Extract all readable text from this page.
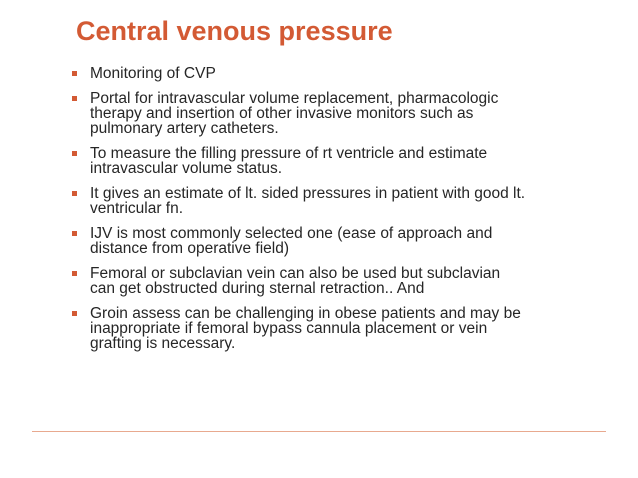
Central venous pressure
Monitoring of CVP
Portal for intravascular volume replacement, pharmacologic
therapy and insertion of other invasive monitors such as
pulmonary artery catheters.
To measure the filling pressure of rt ventricle and estimate
intravascular volume status.
It gives an estimate of lt. sided pressures in patient with good lt.
ventricular fn.
IJV is most commonly selected one (ease of approach and
distance from operative field)
Femoral or subclavian vein can also be used but subclavian
can get obstructed during sternal retraction.. And
Groin assess can be challenging in obese patients and may be
inappropriate if femoral bypass cannula placement or vein
grafting is necessary.
